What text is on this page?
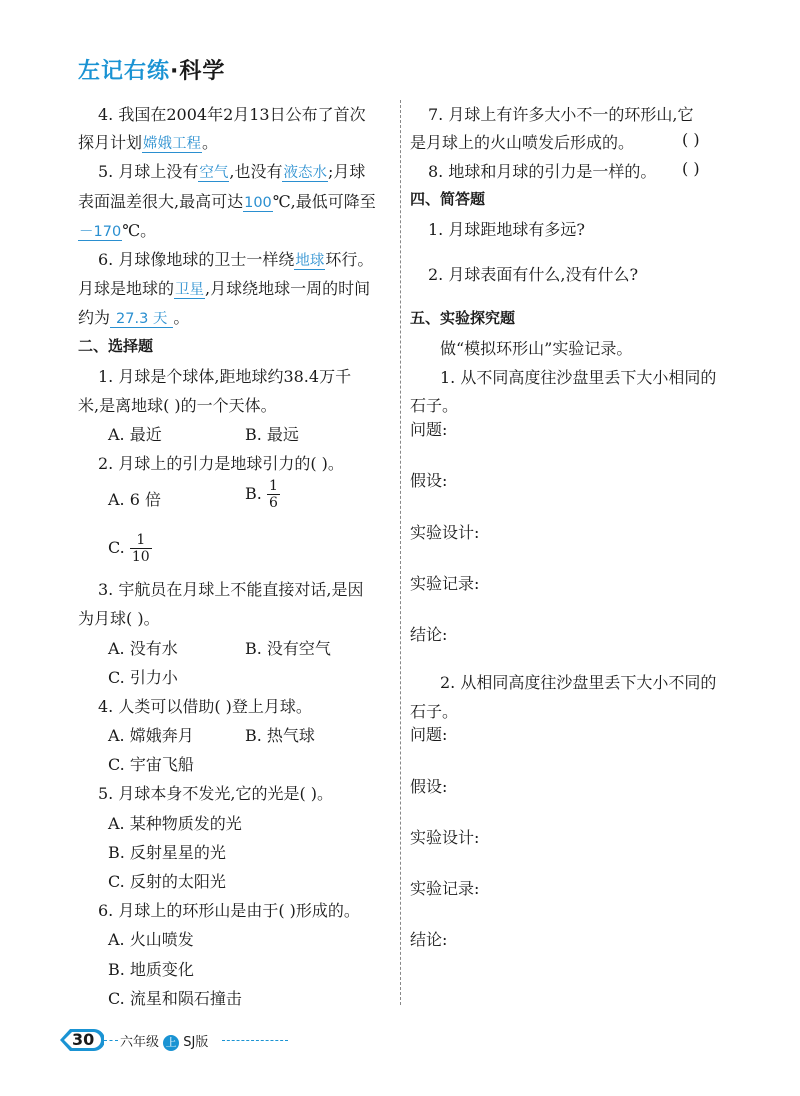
左记右练·科学
4. 我国在2004年2月13日公布了首次
探月计划嫦娥工程。
5. 月球上没有空气,也没有液态水;月球
表面温差很大,最高可达100℃,最低可降至
－170℃。
6. 月球像地球的卫士一样绕地球环行。
月球是地球的卫星,月球绕地球一周的时间
约为 27.3 天 。
二、选择题
1. 月球是个球体,距地球约38.4万千
米,是离地球( )的一个天体。
A. 最近	B. 最远
2. 月球上的引力是地球引力的( )。
A. 6 倍	B. $\frac{1}{6}$
C. $\frac{1}{10}$
3. 宇航员在月球上不能直接对话,是因
为月球( )。
A. 没有水	B. 没有空气
C. 引力小
4. 人类可以借助( )登上月球。
A. 嫦娥奔月	B. 热气球
C. 宇宙飞船
5. 月球本身不发光,它的光是( )。
A. 某种物质发的光
B. 反射星星的光
C. 反射的太阳光
6. 月球上的环形山是由于( )形成的。
A. 火山喷发
B. 地质变化
C. 流星和陨石撞击
7. 月球上有许多大小不一的环形山,它
是月球上的火山喷发后形成的。	( )
8. 地球和月球的引力是一样的。 ( )
四、简答题
1. 月球距地球有多远?
2. 月球表面有什么,没有什么?
五、实验探究题
做“模拟环形山”实验记录。
1. 从不同高度往沙盘里丢下大小相同的
石子。
问题:
假设:
实验设计:
实验记录:
结论:
2. 从相同高度往沙盘里丢下大小不同的
石子。
问题:
假设:
实验设计:
实验记录:
结论:
30 六年级 上 SJ版
